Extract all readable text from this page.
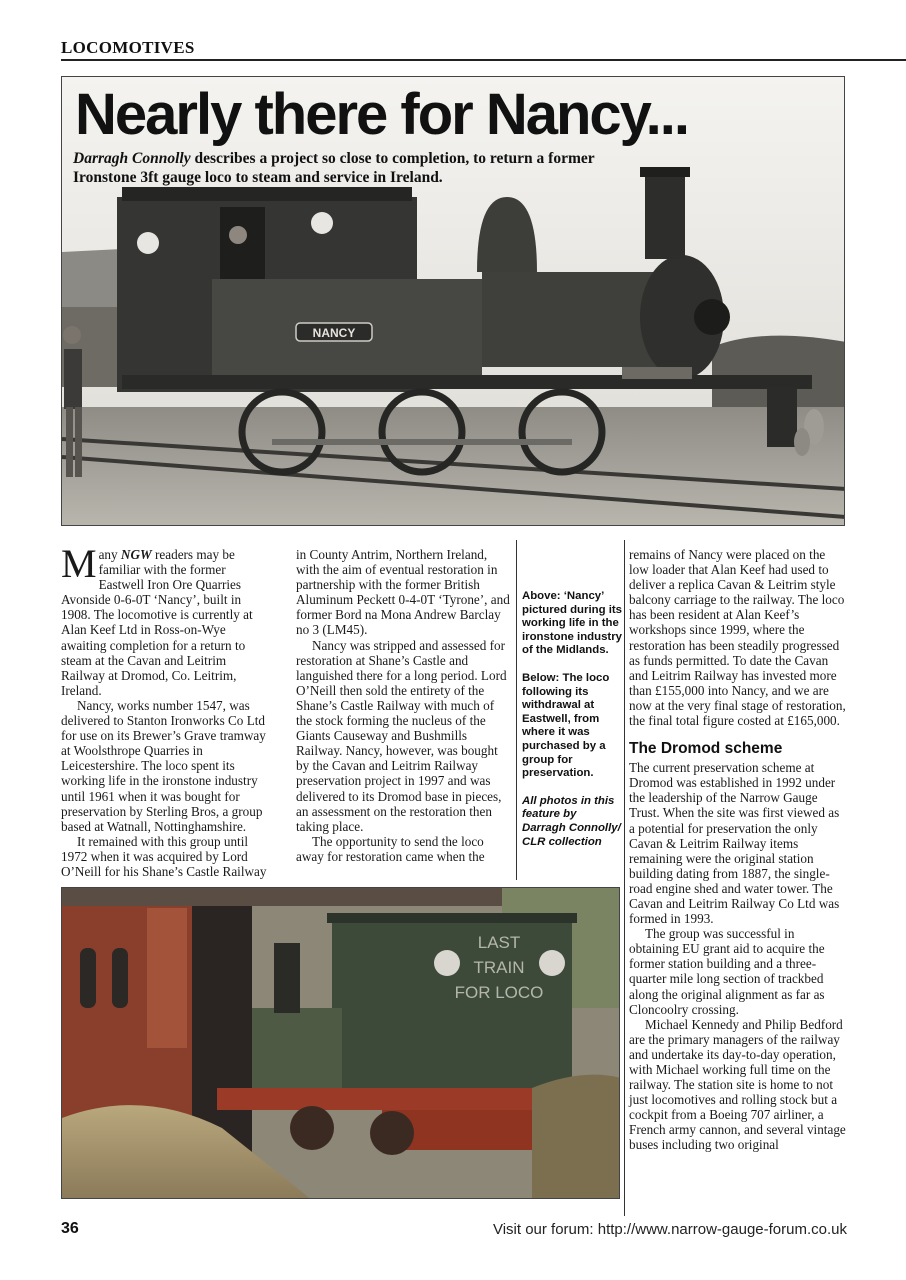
LOCOMOTIVES
NANCY
Nearly there for Nancy...
Darragh Connolly describes a project so close to completion, to return a former Ironstone 3ft gauge loco to steam and service in Ireland.

Many NGW readers may be familiar with the former Eastwell Iron Ore Quarries Avonside 0-6-0T ‘Nancy’, built in 1908. The locomotive is currently at Alan Keef Ltd in Ross-on-Wye awaiting completion for a return to steam at the Cavan and Leitrim Railway at Dromod, Co. Leitrim, Ireland.

Nancy, works number 1547, was delivered to Stanton Ironworks Co Ltd for use on its Brewer’s Grave tramway at Woolsthrope Quarries in Leicestershire. The loco spent its working life in the ironstone industry until 1961 when it was bought for preservation by Sterling Bros, a group based at Watnall, Nottinghamshire.

It remained with this group until 1972 when it was acquired by Lord O’Neill for his Shane’s Castle Railway

in County Antrim, Northern Ireland, with the aim of eventual restoration in partnership with the former British Aluminum Peckett 0-4-0T ‘Tyrone’, and former Bord na Mona Andrew Barclay no 3 (LM45).

Nancy was stripped and assessed for restoration at Shane’s Castle and languished there for a long period. Lord O’Neill then sold the entirety of the Shane’s Castle Railway with much of the stock forming the nucleus of the Giants Causeway and Bushmills Railway. Nancy, however, was bought by the Cavan and Leitrim Railway preservation project in 1997 and was delivered to its Dromod base in pieces, an assessment on the restoration then taking place.

The opportunity to send the loco away for restoration came when the

Above: ‘Nancy’ pictured during its working life in the ironstone industry of the Midlands.

Below: The loco following its withdrawal at Eastwell, from where it was purchased by a group for preservation.

All photos in this feature by Darragh Connolly/ CLR collection

remains of Nancy were placed on the low loader that Alan Keef had used to deliver a replica Cavan & Leitrim style balcony carriage to the railway. The loco has been resident at Alan Keef’s workshops since 1999, where the restoration has been steadily progressed as funds permitted. To date the Cavan and Leitrim Railway has invested more than £155,000 into Nancy, and we are now at the very final stage of restoration, the final total figure costed at £165,000.

The Dromod scheme

The current preservation scheme at Dromod was established in 1992 under the leadership of the Narrow Gauge Trust. When the site was first viewed as a potential for preservation the only Cavan & Leitrim Railway items remaining were the original station building dating from 1887, the single-road engine shed and water tower. The Cavan and Leitrim Railway Co Ltd was formed in 1993.

The group was successful in obtaining EU grant aid to acquire the former station building and a three-quarter mile long section of trackbed along the original alignment as far as Cloncoolry crossing.

Michael Kennedy and Philip Bedford are the primary managers of the railway and undertake its day-to-day operation, with Michael working full time on the railway. The station site is home to not just locomotives and rolling stock but a cockpit from a Boeing 707 airliner, a French army cannon, and several vintage buses including two original

LAST
TRAIN
FOR LOCO
36	Visit our forum: http://www.narrow-gauge-forum.co.uk
